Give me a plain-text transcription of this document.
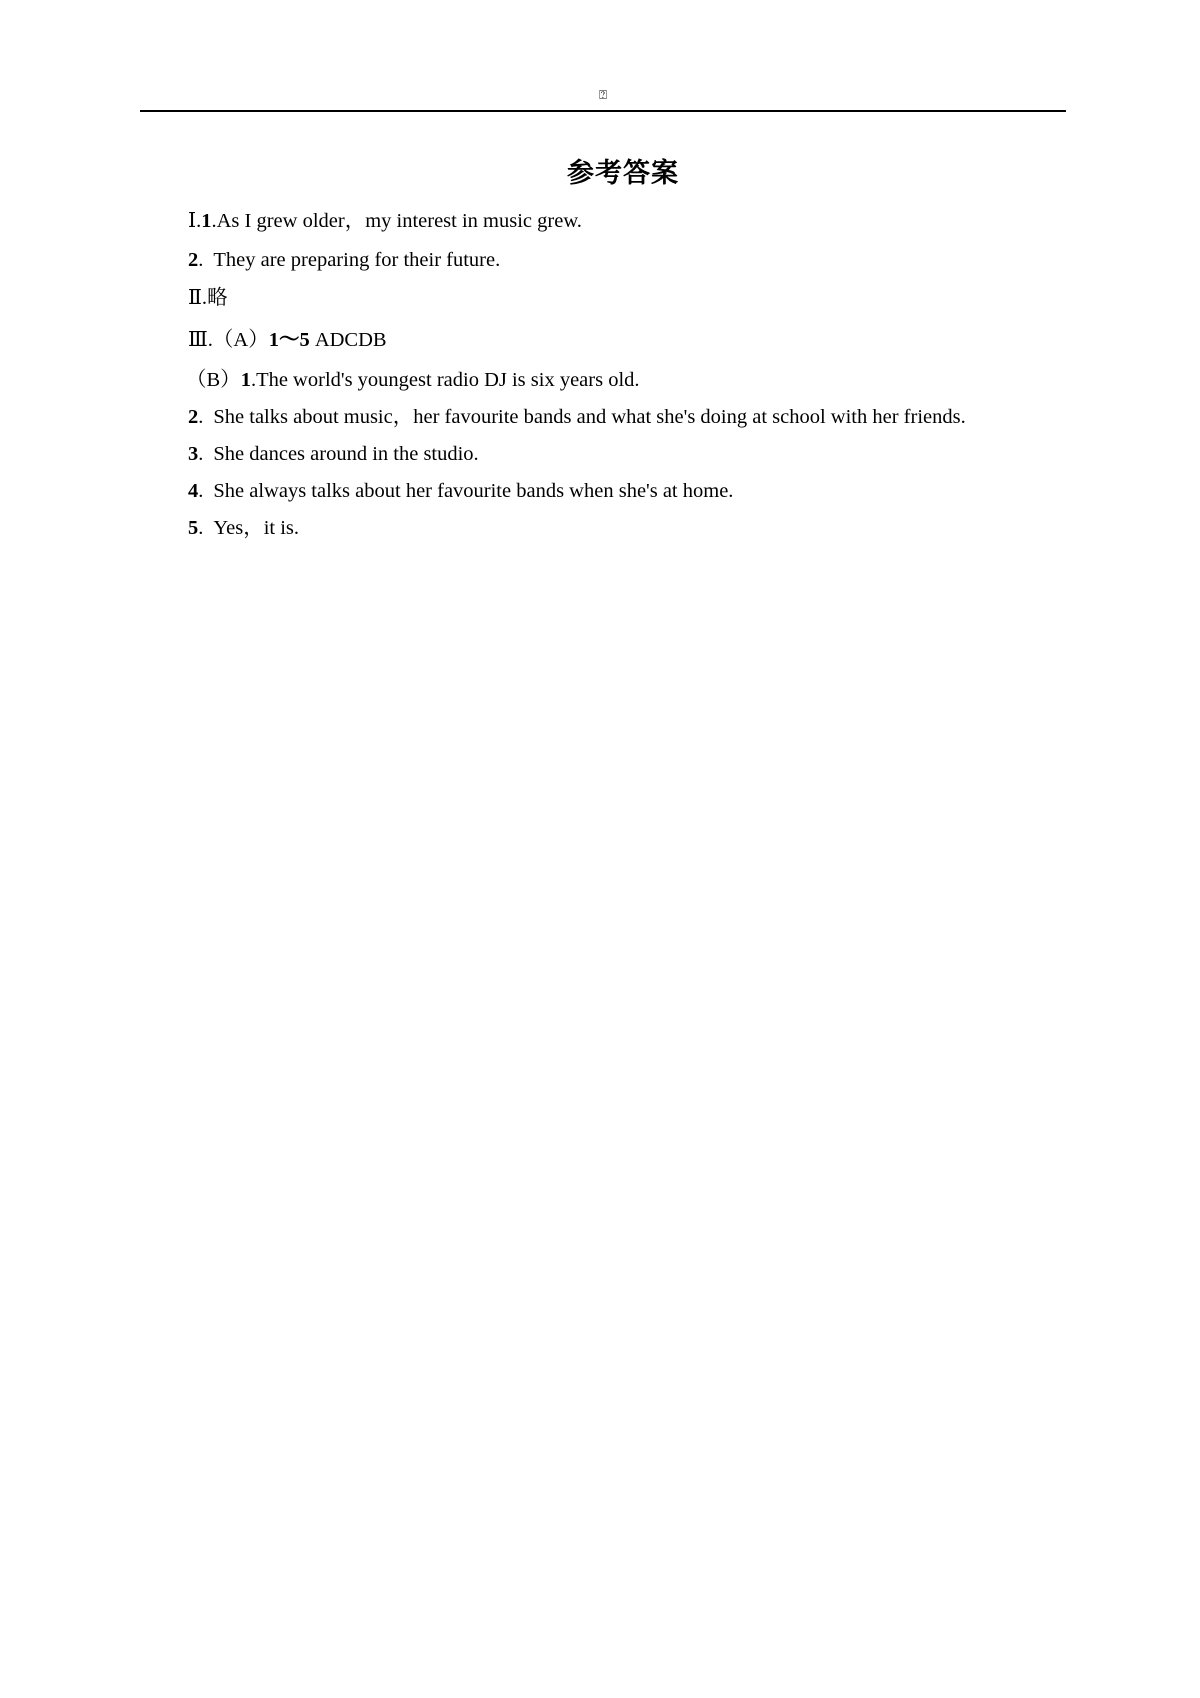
⍰
参考答案
Ⅰ.1.As I grew older，my interest in music grew.
2. They are preparing for their future.
Ⅱ.略
Ⅲ.（A）1～5 ADCDB
（B）1.The world's youngest radio DJ is six years old.
2. She talks about music，her favourite bands and what she's doing at school with her friends.
3. She dances around in the studio.
4. She always talks about her favourite bands when she's at home.
5. Yes，it is.
